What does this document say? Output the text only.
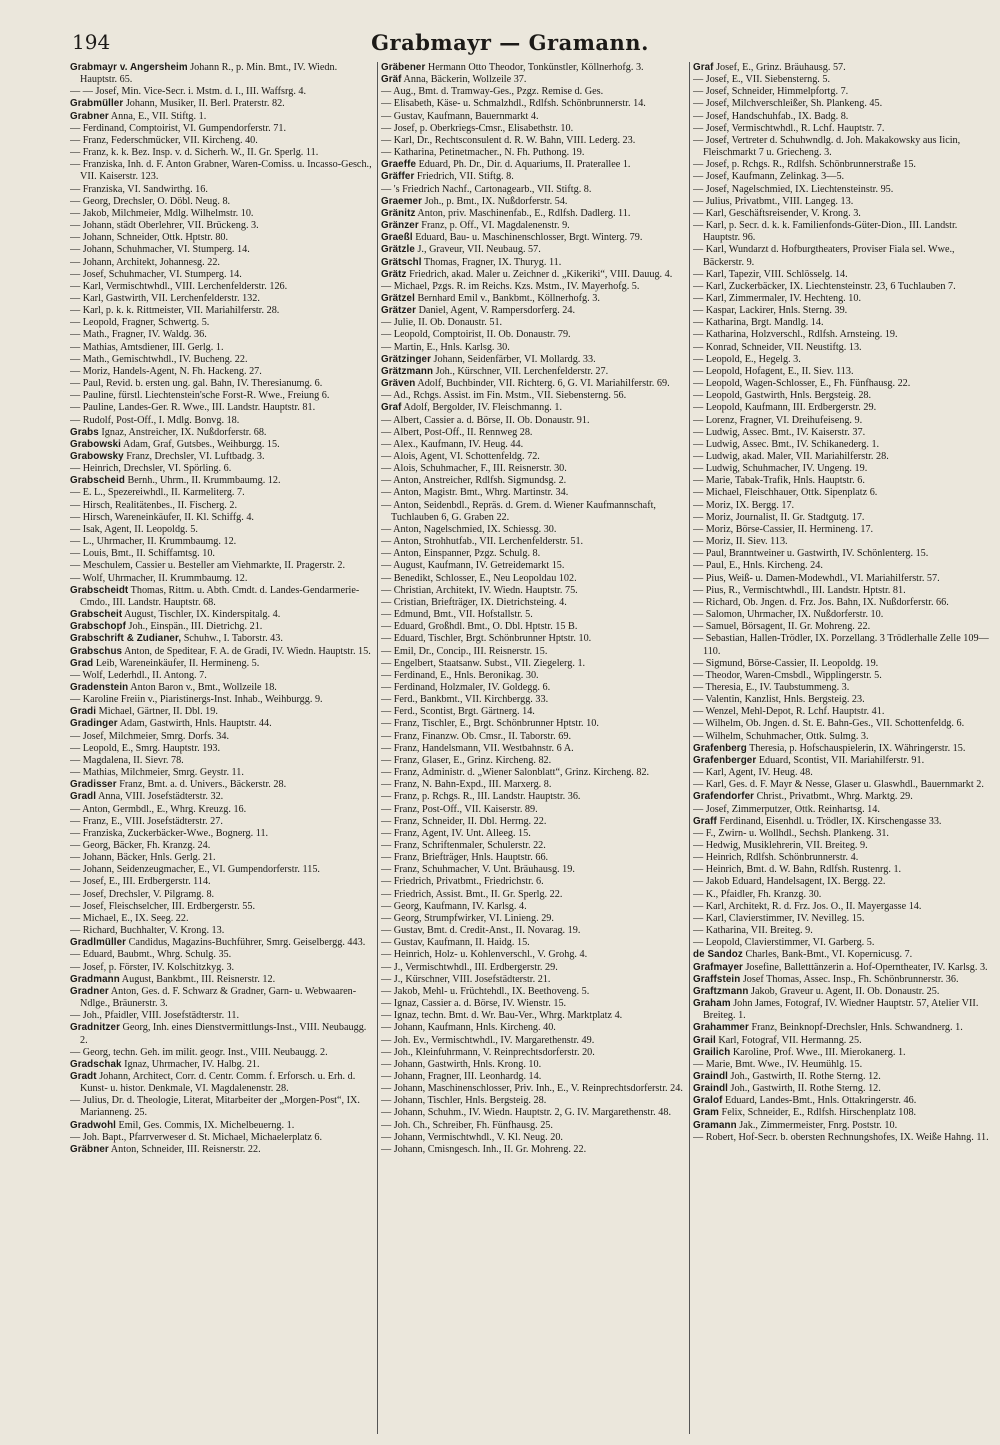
194	Grabmayr — Gramann.
Grabmayr v. Angersheim Johann R., p. Min. Bmt., IV. Wiedn. Hauptstr. 65.
— — Josef, Min. Vice-Secr. i. Mstm. d. I., III. Waffsrg. 4.
Grabmüller Johann, Musiker, II. Berl. Praterstr. 82.
Grabner Anna, E., VII. Stiftg. 1.
— Ferdinand, Comptoirist, VI. Gumpendorferstr. 71.
— Franz, Federschmücker, VII. Kircheng. 40.
— Franz, k. k. Bez. Insp. v. d. Sicherh. W., II. Gr. Sperlg. 11.
— Franziska, Inh. d. F. Anton Grabner, Waren-Comiss. u. Incasso-Gesch., VII. Kaiserstr. 123.
— Franziska, VI. Sandwirthg. 16.
— Georg, Drechsler, O. Döbl. Neug. 8.
— Jakob, Milchmeier, Mdlg. Wilhelmstr. 10.
— Johann, städt Oberlehrer, VII. Brückeng. 3.
— Johann, Schneider, Ottk. Hptstr. 80.
— Johann, Schuhmacher, VI. Stumperg. 14.
— Johann, Architekt, Johannesg. 22.
— Josef, Schuhmacher, VI. Stumperg. 14.
— Karl, Vermischtwhdl., VIII. Lerchenfelderstr. 126.
— Karl, Gastwirth, VII. Lerchenfelderstr. 132.
— Karl, p. k. k. Rittmeister, VII. Mariahilferstr. 28.
— Leopold, Fragner, Schwertg. 5.
— Math., Fragner, IV. Waldg. 36.
— Mathias, Amtsdiener, III. Gerlg. 1.
— Math., Gemischtwhdl., IV. Bucheng. 22.
— Moriz, Handels-Agent, N. Fh. Hackeng. 27.
— Paul, Revid. b. ersten ung. gal. Bahn, IV. Theresianumg. 6.
— Pauline, fürstl. Liechtenstein'sche Forst-R. Wwe., Freiung 6.
— Pauline, Landes-Ger. R. Wwe., III. Landstr. Hauptstr. 81.
— Rudolf, Post-Off., I. Mdlg. Bonvg. 18.
Grabs Ignaz, Anstreicher, IX. Nußdorferstr. 68.
Grabowski Adam, Graf, Gutsbes., Weihburgg. 15.
Grabowsky Franz, Drechsler, VI. Luftbadg. 3.
— Heinrich, Drechsler, VI. Spörling. 6.
Grabscheid Bernh., Uhrm., II. Krummbaumg. 12.
— E. L., Spezereiwhdl., II. Karmeliterg. 7.
— Hirsch, Realitätenbes., II. Fischerg. 2.
— Hirsch, Wareneinkäufer, II. Kl. Schiffg. 4.
— Isak, Agent, II. Leopoldg. 5.
— L., Uhrmacher, II. Krummbaumg. 12.
— Louis, Bmt., II. Schiffamtsg. 10.
— Meschulem, Cassier u. Besteller am Viehmarkte, II. Pragerstr. 2.
— Wolf, Uhrmacher, II. Krummbaumg. 12.
Grabscheidt Thomas, Rittm. u. Abth. Cmdt. d. Landes-Gendarmerie-Cmdo., III. Landstr. Hauptstr. 68.
Grabscheit August, Tischler, IX. Kinderspitalg. 4.
Grabschopf Joh., Einspän., III. Dietrichg. 21.
Grabschrift & Zudianer, Schuhw., I. Taborstr. 43.
Grabschus Anton, de Speditear, F. A. de Gradi, IV. Wiedn. Hauptstr. 15.
Grad Leib, Wareneinkäufer, II. Hermineng. 5.
— Wolf, Lederhdl., II. Antong. 7.
Gradenstein Anton Baron v., Bmt., Wollzeile 18.
— Karoline Freiin v., Piaristinergs-Inst. Inhab., Weihburgg. 9.
Gradi Michael, Gärtner, II. Dbl. 19.
Gradinger Adam, Gastwirth, Hnls. Hauptstr. 44.
— Josef, Milchmeier, Smrg. Dorfs. 34.
— Leopold, E., Smrg. Hauptstr. 193.
— Magdalena, II. Sievr. 78.
— Mathias, Milchmeier, Smrg. Geystr. 11.
Gradisser Franz, Bmt. a. d. Univers., Bäckerstr. 28.
Gradl Anna, VIII. Josefstädterstr. 32.
— Anton, Germbdl., E., Whrg. Kreuzg. 16.
— Franz, E., VIII. Josefstädterstr. 27.
— Franziska, Zuckerbäcker-Wwe., Bognerg. 11.
— Georg, Bäcker, Fh. Kranzg. 24.
— Johann, Bäcker, Hnls. Gerlg. 21.
— Johann, Seidenzeugmacher, E., VI. Gumpendorferstr. 115.
— Josef, E., III. Erdbergerstr. 114.
— Josef, Drechsler, V. Pilgramg. 8.
— Josef, Fleischselcher, III. Erdbergerstr. 55.
— Michael, E., IX. Seeg. 22.
— Richard, Buchhalter, V. Krong. 13.
Gradlmüller Candidus, Magazins-Buchführer, Smrg. Geiselbergg. 443.
— Eduard, Baubmt., Whrg. Schulg. 35.
— Josef, p. Förster, IV. Kolschitzkyg. 3.
Gradmann August, Bankbmt., III. Reisnerstr. 12.
Gradner Anton, Ges. d. F. Schwarz & Gradner, Garn- u. Webwaaren-Ndlge., Bräunerstr. 3.
— Joh., Pfaidler, VIII. Josefstädterstr. 11.
Gradnitzer Georg, Inh. eines Dienstvermittlungs-Inst., VIII. Neubaugg. 2.
— Georg, techn. Geh. im milit. geogr. Inst., VIII. Neubaugg. 2.
Gradschak Ignaz, Uhrmacher, IV. Halbg. 21.
Gradt Johann, Architect, Corr. d. Centr. Comm. f. Erforsch. u. Erh. d. Kunst- u. histor. Denkmale, VI. Magdalenenstr. 28.
— Julius, Dr. d. Theologie, Literat, Mitarbeiter der „Morgen-Post“, IX. Marianneng. 25.
Gradwohl Emil, Ges. Commis, IX. Michelbeuerng. 1.
— Joh. Bapt., Pfarrverweser d. St. Michael, Michaelerplatz 6.
Gräbner Anton, Schneider, III. Reisnerstr. 22.
Gräbener Hermann Otto Theodor, Tonkünstler, Köllnerhofg. 3.
Gräf Anna, Bäckerin, Wollzeile 37.
— Aug., Bmt. d. Tramway-Ges., Pzgz. Remise d. Ges.
— Elisabeth, Käse- u. Schmalzhdl., Rdlfsh. Schönbrunnerstr. 14.
— Gustav, Kaufmann, Bauernmarkt 4.
— Josef, p. Oberkriegs-Cmsr., Elisabethstr. 10.
— Karl, Dr., Rechtsconsulent d. R. W. Bahn, VIII. Lederg. 23.
— Katharina, Petinetmacher., N. Fh. Puthong. 19.
Graeffe Eduard, Ph. Dr., Dir. d. Aquariums, II. Praterallee 1.
Gräffer Friedrich, VII. Stiftg. 8.
— 's Friedrich Nachf., Cartonagearb., VII. Stiftg. 8.
Graemer Joh., p. Bmt., IX. Nußdorferstr. 54.
Gränitz Anton, priv. Maschinenfab., E., Rdlfsh. Dadlerg. 11.
Gränzer Franz, p. Off., VI. Magdalenenstr. 9.
Graeßl Eduard, Bau- u. Maschinenschlosser, Brgt. Winterg. 79.
Grätzle J., Graveur, VII. Neubaug. 57.
Grätschl Thomas, Fragner, IX. Thuryg. 11.
Grätz Friedrich, akad. Maler u. Zeichner d. „Kikeriki“, VIII. Dauug. 4.
— Michael, Pzgs. R. im Reichs. Kzs. Mstm., IV. Mayerhofg. 5.
Grätzel Bernhard Emil v., Bankbmt., Köllnerhofg. 3.
Grätzer Daniel, Agent, V. Rampersdorferg. 24.
— Julie, II. Ob. Donaustr. 51.
— Leopold, Comptoirist, II. Ob. Donaustr. 79.
— Martin, E., Hnls. Karlsg. 30.
Grätzinger Johann, Seidenfärber, VI. Mollardg. 33.
Grätzmann Joh., Kürschner, VII. Lerchenfelderstr. 27.
Gräven Adolf, Buchbinder, VII. Richterg. 6, G. VI. Mariahilferstr. 69.
— Ad., Rchgs. Assist. im Fin. Mstm., VII. Siebensterng. 56.
Graf Adolf, Bergolder, IV. Fleischmanng. 1.
— Albert, Cassier a. d. Börse, II. Ob. Donaustr. 91.
— Albert, Post-Off., II. Rennweg 28.
— Alex., Kaufmann, IV. Heug. 44.
— Alois, Agent, VI. Schottenfeldg. 72.
— Alois, Schuhmacher, F., III. Reisnerstr. 30.
— Anton, Anstreicher, Rdlfsh. Sigmundsg. 2.
— Anton, Magistr. Bmt., Whrg. Martinstr. 34.
— Anton, Seidenbdl., Repräs. d. Grem. d. Wiener Kaufmannschaft, Tuchlauben 6, G. Graben 22.
— Anton, Nagelschmied, IX. Schiessg. 30.
— Anton, Strohhutfab., VII. Lerchenfelderstr. 51.
— Anton, Einspanner, Pzgz. Schulg. 8.
— August, Kaufmann, IV. Getreidemarkt 15.
— Benedikt, Schlosser, E., Neu Leopoldau 102.
— Christian, Architekt, IV. Wiedn. Hauptstr. 75.
— Cristian, Briefträger, IX. Dietrichsteing. 4.
— Edmund, Bmt., VII. Hofstallstr. 5.
— Eduard, Großhdl. Bmt., O. Dbl. Hptstr. 15 B.
— Eduard, Tischler, Brgt. Schönbrunner Hptstr. 10.
— Emil, Dr., Concip., III. Reisnerstr. 15.
— Engelbert, Staatsanw. Subst., VII. Ziegelerg. 1.
— Ferdinand, E., Hnls. Beronikag. 30.
— Ferdinand, Holzmaler, IV. Goldegg. 6.
— Ferd., Bankbmt., VII. Kirchbergg. 33.
— Ferd., Scontist, Brgt. Gärtnerg. 14.
— Franz, Tischler, E., Brgt. Schönbrunner Hptstr. 10.
— Franz, Finanzw. Ob. Cmsr., II. Taborstr. 69.
— Franz, Handelsmann, VII. Westbahnstr. 6 A.
— Franz, Glaser, E., Grinz. Kircheng. 82.
— Franz, Administr. d. „Wiener Salonblatt“, Grinz. Kircheng. 82.
— Franz, N. Bahn-Expd., III. Marxerg. 8.
— Franz, p. Rchgs. R., III. Landstr. Hauptstr. 36.
— Franz, Post-Off., VII. Kaiserstr. 89.
— Franz, Schneider, II. Dbl. Herrng. 22.
— Franz, Agent, IV. Unt. Alleeg. 15.
— Franz, Schriftenmaler, Schulerstr. 22.
— Franz, Briefträger, Hnls. Hauptstr. 66.
— Franz, Schuhmacher, V. Unt. Bräuhausg. 19.
— Friedrich, Privatbmt., Friedrichstr. 6.
— Friedrich, Assist. Bmt., II. Gr. Sperlg. 22.
— Georg, Kaufmann, IV. Karlsg. 4.
— Georg, Strumpfwirker, VI. Linieng. 29.
— Gustav, Bmt. d. Credit-Anst., II. Novarag. 19.
— Gustav, Kaufmann, II. Haidg. 15.
— Heinrich, Holz- u. Kohlenverschl., V. Grohg. 4.
— J., Vermischtwhdl., III. Erdbergerstr. 29.
— J., Kürschner, VIII. Josefstädterstr. 21.
— Jakob, Mehl- u. Früchtehdl., IX. Beethoveng. 5.
— Ignaz, Cassier a. d. Börse, IV. Wienstr. 15.
— Ignaz, techn. Bmt. d. Wr. Bau-Ver., Whrg. Marktplatz 4.
— Johann, Kaufmann, Hnls. Kircheng. 40.
— Joh. Ev., Vermischtwhdl., IV. Margarethenstr. 49.
— Joh., Kleinfuhrmann, V. Reinprechtsdorferstr. 20.
— Johann, Gastwirth, Hnls. Krong. 10.
— Johann, Fragner, III. Leonhardg. 14.
— Johann, Maschinenschlosser, Priv. Inh., E., V. Reinprechtsdorferstr. 24.
— Johann, Tischler, Hnls. Bergsteig. 28.
— Johann, Schuhm., IV. Wiedn. Hauptstr. 2, G. IV. Margarethenstr. 48.
— Joh. Ch., Schreiber, Fh. Fünfhausg. 25.
— Johann, Vermischtwhdl., V. Kl. Neug. 20.
— Johann, Cmisngesch. Inh., II. Gr. Mohreng. 22.
Graf Josef, E., Grinz. Bräuhausg. 57.
— Josef, E., VII. Siebensterng. 5.
— Josef, Schneider, Himmelpfortg. 7.
— Josef, Milchverschleißer, Sh. Plankeng. 45.
— Josef, Handschuhfab., IX. Badg. 8.
— Josef, Vermischtwhdl., R. Lchf. Hauptstr. 7.
— Josef, Vertreter d. Schuhwndlg. d. Joh. Makakowsky aus Iicin, Fleischmarkt 7 u. Griecheng. 3.
— Josef, p. Rchgs. R., Rdlfsh. Schönbrunnerstraße 15.
— Josef, Kaufmann, Zelinkag. 3—5.
— Josef, Nagelschmied, IX. Liechtensteinstr. 95.
— Julius, Privatbmt., VIII. Langeg. 13.
— Karl, Geschäftsreisender, V. Krong. 3.
— Karl, p. Secr. d. k. k. Familienfonds-Güter-Dion., III. Landstr. Hauptstr. 96.
— Karl, Wundarzt d. Hofburgtheaters, Proviser Fiala sel. Wwe., Bäckerstr. 9.
— Karl, Tapezir, VIII. Schlösselg. 14.
— Karl, Zuckerbäcker, IX. Liechtensteinstr. 23, 6 Tuchlauben 7.
— Karl, Zimmermaler, IV. Hechteng. 10.
— Kaspar, Lackirer, Hnls. Sterng. 39.
— Katharina, Brgt. Mandlg. 14.
— Katharina, Holzverschl., Rdlfsh. Arnsteing. 19.
— Konrad, Schneider, VII. Neustiftg. 13.
— Leopold, E., Hegelg. 3.
— Leopold, Hofagent, E., II. Siev. 113.
— Leopold, Wagen-Schlosser, E., Fh. Fünfhausg. 22.
— Leopold, Gastwirth, Hnls. Bergsteig. 28.
— Leopold, Kaufmann, III. Erdbergerstr. 29.
— Lorenz, Fragner, VI. Dreihufeiseng. 9.
— Ludwig, Assec. Bmt., IV. Kaiserstr. 37.
— Ludwig, Assec. Bmt., IV. Schikanederg. 1.
— Ludwig, akad. Maler, VII. Mariahilferstr. 28.
— Ludwig, Schuhmacher, IV. Ungeng. 19.
— Marie, Tabak-Trafik, Hnls. Hauptstr. 6.
— Michael, Fleischhauer, Ottk. Sipenplatz 6.
— Moriz, IX. Bergg. 17.
— Moriz, Journalist, II. Gr. Stadtgutg. 17.
— Moriz, Börse-Cassier, II. Hermineng. 17.
— Moriz, II. Siev. 113.
— Paul, Branntweiner u. Gastwirth, IV. Schönlenterg. 15.
— Paul, E., Hnls. Kircheng. 24.
— Pius, Weiß- u. Damen-Modewhdl., VI. Mariahilferstr. 57.
— Pius, R., Vermischtwhdl., III. Landstr. Hptstr. 81.
— Richard, Ob. Jngen. d. Frz. Jos. Bahn, IX. Nußdorferstr. 66.
— Salomon, Uhrmacher, IX. Nußdorferstr. 10.
— Samuel, Börsagent, II. Gr. Mohreng. 22.
— Sebastian, Hallen-Trödler, IX. Porzellang. 3 Trödlerhalle Zelle 109—110.
— Sigmund, Börse-Cassier, II. Leopoldg. 19.
— Theodor, Waren-Cmsbdl., Wipplingerstr. 5.
— Theresia, E., IV. Taubstummeng. 3.
— Valentin, Kanzlist, Hnls. Bergsteig. 23.
— Wenzel, Mehl-Depot, R. Lchf. Hauptstr. 41.
— Wilhelm, Ob. Jngen. d. St. E. Bahn-Ges., VII. Schottenfeldg. 6.
— Wilhelm, Schuhmacher, Ottk. Sulmg. 3.
Grafenberg Theresia, p. Hofschauspielerin, IX. Währingerstr. 15.
Grafenberger Eduard, Scontist, VII. Mariahilferstr. 91.
— Karl, Agent, IV. Heug. 48.
— Karl, Ges. d. F. Mayr & Nesse, Glaser u. Glaswhdl., Bauernmarkt 2.
Grafendorfer Christ., Privatbmt., Whrg. Marktg. 29.
— Josef, Zimmerputzer, Ottk. Reinhartsg. 14.
Graff Ferdinand, Eisenhdl. u. Trödler, IX. Kirschengasse 33.
— F., Zwirn- u. Wollhdl., Sechsh. Plankeng. 31.
— Hedwig, Musiklehrerin, VII. Breiteg. 9.
— Heinrich, Rdlfsh. Schönbrunnerstr. 4.
— Heinrich, Bmt. d. W. Bahn, Rdlfsh. Rustenrg. 1.
— Jakob Eduard, Handelsagent, IX. Bergg. 22.
— K., Pfaidler, Fh. Kranzg. 30.
— Karl, Architekt, R. d. Frz. Jos. O., II. Mayergasse 14.
— Karl, Clavierstimmer, IV. Nevilleg. 15.
— Katharina, VII. Breiteg. 9.
— Leopold, Clavierstimmer, VI. Garberg. 5.
de Sandoz Charles, Bank-Bmt., VI. Kopernicusg. 7.
Grafmayer Josefine, Balletttänzerin a. Hof-Operntheater, IV. Karlsg. 3.
Graffstein Josef Thomas, Assec. Insp., Fh. Schönbrunnerstr. 36.
Graftzmann Jakob, Graveur u. Agent, II. Ob. Donaustr. 25.
Graham John James, Fotograf, IV. Wiedner Hauptstr. 57, Atelier VII. Breiteg. 1.
Grahammer Franz, Beinknopf-Drechsler, Hnls. Schwandnerg. 1.
Grail Karl, Fotograf, VII. Hermanng. 25.
Grailich Karoline, Prof. Wwe., III. Mierokanerg. 1.
— Marie, Bmt. Wwe., IV. Heumühlg. 15.
Graindl Joh., Gastwirth, II. Rothe Sterng. 12.
Graindl Joh., Gastwirth, II. Rothe Sterng. 12.
Gralof Eduard, Landes-Bmt., Hnls. Ottakringerstr. 46.
Gram Felix, Schneider, E., Rdlfsh. Hirschenplatz 108.
Gramann Jak., Zimmermeister, Fnrg. Poststr. 10.
— Robert, Hof-Secr. b. obersten Rechnungshofes, IX. Weiße Hahng. 11.
